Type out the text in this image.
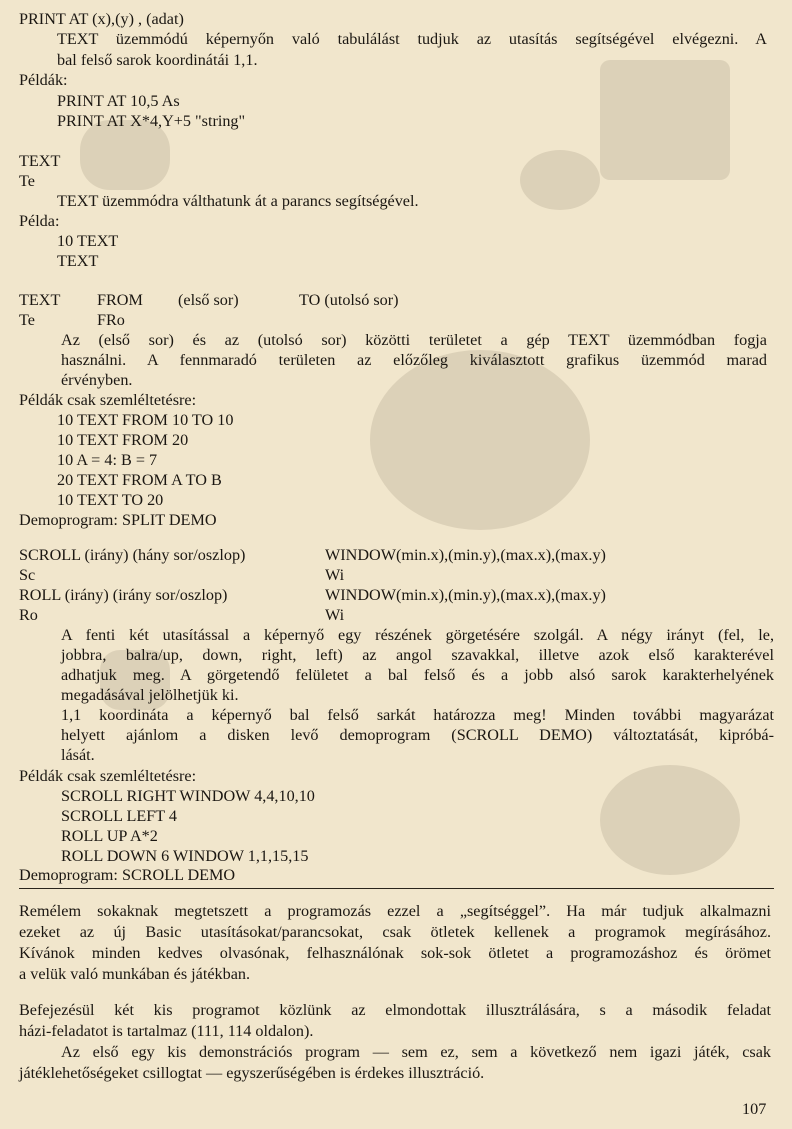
PRINT AT (x),(y) , (adat)
TEXT üzemmódú képernyőn való tabulálást tudjuk az utasítás segítségével elvégezni. A
bal felső sarok koordinátái 1,1.
Példák:
PRINT AT 10,5 As
PRINT AT X*4,Y+5 "string"
TEXT
Te
TEXT üzemmódra válthatunk át a parancs segítségével.
Példa:
10 TEXT
TEXT
TEXT FROM (első sor)	TO (utolsó sor)
Te	FRo
Az (első sor) és az (utolsó sor) közötti területet a gép TEXT üzemmódban fogja
használni. A fennmaradó területen az előzőleg kiválasztott grafikus üzemmód marad
érvényben.
Példák csak szemléltetésre:
10 TEXT FROM 10 TO 10
10 TEXT FROM 20
10 A = 4: B = 7
20 TEXT FROM A TO B
10 TEXT TO 20
Demoprogram: SPLIT DEMO
SCROLL (irány) (hány sor/oszlop)	WINDOW(min.x),(min.y),(max.x),(max.y)
Sc	Wi
ROLL (irány) (irány sor/oszlop)	WINDOW(min.x),(min.y),(max.x),(max.y)
Ro	Wi
A fenti két utasítással a képernyő egy részének görgetésére szolgál. A négy irányt (fel, le,
jobbra, balra/up, down, right, left) az angol szavakkal, illetve azok első karakterével
adhatjuk meg. A görgetendő felületet a bal felső és a jobb alsó sarok karakterhelyének
megadásával jelölhetjük ki.
1,1 koordináta a képernyő bal felső sarkát határozza meg! Minden további magyarázat
helyett ajánlom a disken levő demoprogram (SCROLL DEMO) változtatását, kipróbá-
lását.
Példák csak szemléltetésre:
SCROLL RIGHT WINDOW 4,4,10,10
SCROLL LEFT 4
ROLL UP A*2
ROLL DOWN 6 WINDOW 1,1,15,15
Demoprogram: SCROLL DEMO
Remélem sokaknak megtetszett a programozás ezzel a „segítséggel”. Ha már tudjuk alkalmazni
ezeket az új Basic utasításokat/parancsokat, csak ötletek kellenek a programok megírásához.
Kívánok minden kedves olvasónak, felhasználónak sok-sok ötletet a programozáshoz és örömet
a velük való munkában és játékban.
Befejezésül két kis programot közlünk az elmondottak illusztrálására, s a második feladat
házi-feladatot is tartalmaz (111, 114 oldalon).
Az első egy kis demonstrációs program — sem ez, sem a következő nem igazi játék, csak
játéklehetőségeket csillogtat — egyszerűségében is érdekes illusztráció.
107
